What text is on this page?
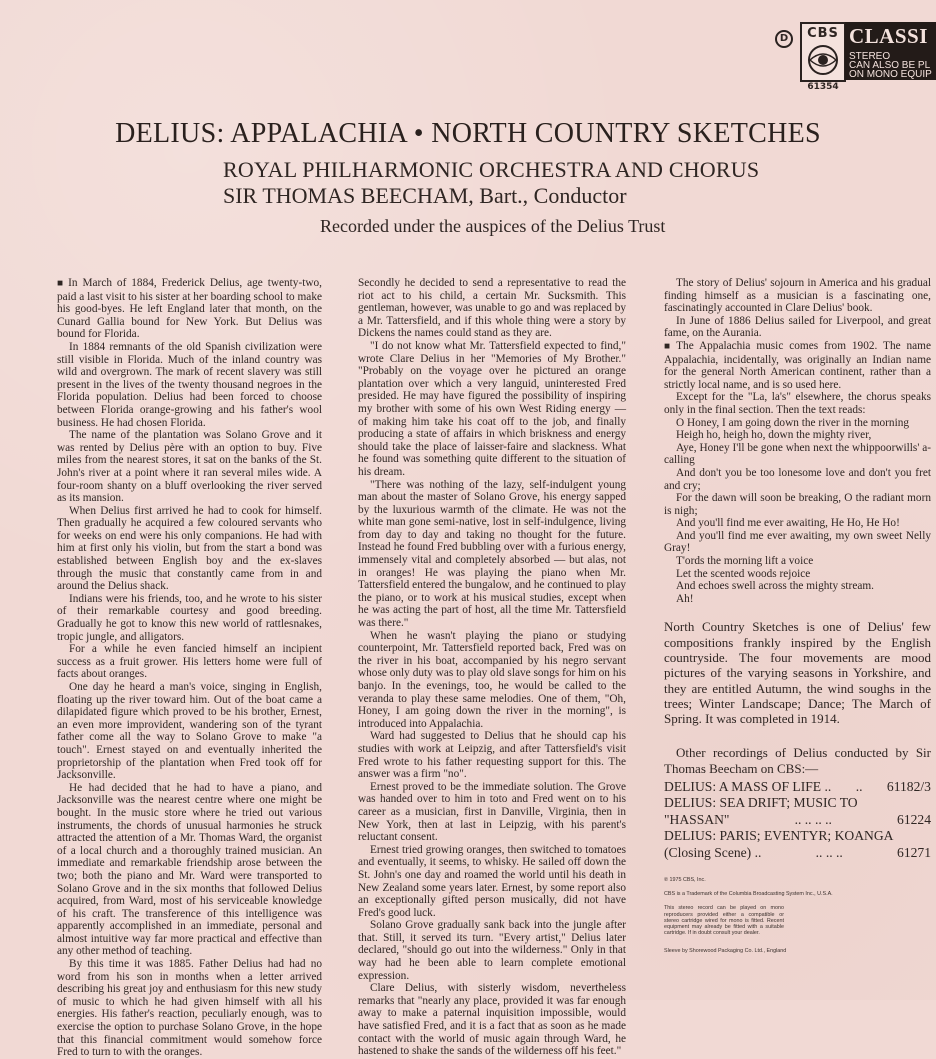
D	CBS
61354
CLASSI
STEREO
CAN ALSO BE PL
ON MONO EQUIP
DELIUS: APPALACHIA • NORTH COUNTRY SKETCHES
ROYAL PHILHARMONIC ORCHESTRA AND CHORUS
SIR THOMAS BEECHAM, Bart., Conductor
Recorded under the auspices of the Delius Trust

■ In March of 1884, Frederick Delius, age twenty-two, paid a last visit to his sister at her boarding school to make his good-byes. He left England later that month, on the Cunard Gallia bound for New York. But Delius was bound for Florida.

In 1884 remnants of the old Spanish civilization were still visible in Florida. Much of the inland country was wild and overgrown. The mark of recent slavery was still present in the lives of the twenty thousand negroes in the Florida population. Delius had been forced to choose between Florida orange-growing and his father's wool business. He had chosen Florida.

The name of the plantation was Solano Grove and it was rented by Delius père with an option to buy. Five miles from the nearest stores, it sat on the banks of the St. John's river at a point where it ran several miles wide. A four-room shanty on a bluff overlooking the river served as its mansion.

When Delius first arrived he had to cook for himself. Then gradually he acquired a few coloured servants who for weeks on end were his only companions. He had with him at first only his violin, but from the start a bond was established between English boy and the ex-slaves through the music that constantly came from in and around the Delius shack.

Indians were his friends, too, and he wrote to his sister of their remarkable courtesy and good breeding. Gradually he got to know this new world of rattlesnakes, tropic jungle, and alligators.

For a while he even fancied himself an incipient success as a fruit grower. His letters home were full of facts about oranges.

One day he heard a man's voice, singing in English, floating up the river toward him. Out of the boat came a dilapidated figure which proved to be his brother, Ernest, an even more improvident, wandering son of the tyrant father come all the way to Solano Grove to make "a touch". Ernest stayed on and eventually inherited the proprietorship of the plantation when Fred took off for Jacksonville.

He had decided that he had to have a piano, and Jacksonville was the nearest centre where one might be bought. In the music store where he tried out various instruments, the chords of unusual harmonies he struck attracted the attention of a Mr. Thomas Ward, the organist of a local church and a thoroughly trained musician. An immediate and remarkable friendship arose between the two; both the piano and Mr. Ward were transported to Solano Grove and in the six months that followed Delius acquired, from Ward, most of his serviceable knowledge of his craft. The transference of this intelligence was apparently accomplished in an immediate, personal and almost intuitive way far more practical and effective than any other method of teaching.

By this time it was 1885. Father Delius had had no word from his son in months when a letter arrived describing his great joy and enthusiasm for this new study of music to which he had given himself with all his energies. His father's reaction, peculiarly enough, was to exercise the option to purchase Solano Grove, in the hope that this financial commitment would somehow force Fred to turn to with the oranges.

Secondly he decided to send a representative to read the riot act to his child, a certain Mr. Sucksmith. This gentleman, however, was unable to go and was replaced by a Mr. Tattersfield, and if this whole thing were a story by Dickens the names could stand as they are.

"I do not know what Mr. Tattersfield expected to find," wrote Clare Delius in her "Memories of My Brother." "Probably on the voyage over he pictured an orange plantation over which a very languid, uninterested Fred presided. He may have figured the possibility of inspiring my brother with some of his own West Riding energy — of making him take his coat off to the job, and finally producing a state of affairs in which briskness and energy should take the place of laisser-faire and slackness. What he found was something quite different to the situation of his dream.

"There was nothing of the lazy, self-indulgent young man about the master of Solano Grove, his energy sapped by the luxurious warmth of the climate. He was not the white man gone semi-native, lost in self-indulgence, living from day to day and taking no thought for the future. Instead he found Fred bubbling over with a furious energy, immensely vital and completely absorbed — but alas, not in oranges! He was playing the piano when Mr. Tattersfield entered the bungalow, and he continued to play the piano, or to work at his musical studies, except when he was acting the part of host, all the time Mr. Tattersfield was there."

When he wasn't playing the piano or studying counterpoint, Mr. Tattersfield reported back, Fred was on the river in his boat, accompanied by his negro servant whose only duty was to play old slave songs for him on his banjo. In the evenings, too, he would be called to the veranda to play these same melodies. One of them, "Oh, Honey, I am going down the river in the morning", is introduced into Appalachia.

Ward had suggested to Delius that he should cap his studies with work at Leipzig, and after Tattersfield's visit Fred wrote to his father requesting support for this. The answer was a firm "no".

Ernest proved to be the immediate solution. The Grove was handed over to him in toto and Fred went on to his career as a musician, first in Danville, Virginia, then in New York, then at last in Leipzig, with his parent's reluctant consent.

Ernest tried growing oranges, then switched to tomatoes and eventually, it seems, to whisky. He sailed off down the St. John's one day and roamed the world until his death in New Zealand some years later. Ernest, by some report also an exceptionally gifted person musically, did not have Fred's good luck.

Solano Grove gradually sank back into the jungle after that. Still, it served its turn. "Every artist," Delius later declared, "should go out into the wilderness." Only in that way had he been able to learn complete emotional expression.

Clare Delius, with sisterly wisdom, nevertheless remarks that "nearly any place, provided it was far enough away to make a paternal inquisition impossible, would have satisfied Fred, and it is a fact that as soon as he made contact with the world of music again through Ward, he hastened to shake the sands of the wilderness off his feet."

The story of Delius' sojourn in America and his gradual finding himself as a musician is a fascinating one, fascinatingly accounted in Clare Delius' book.

In June of 1886 Delius sailed for Liverpool, and great fame, on the Aurania.

■ The Appalachia music comes from 1902. The name Appalachia, incidentally, was originally an Indian name for the general North American continent, rather than a strictly local name, and is so used here.

Except for the "La, la's" elsewhere, the chorus speaks only in the final section. Then the text reads:

O Honey, I am going down the river in the morning
Heigh ho, heigh ho, down the mighty river,
Aye, Honey I'll be gone when next the whippoorwills' a-calling
And don't you be too lonesome love and don't you fret and cry;
For the dawn will soon be breaking, O the radiant morn is nigh;
And you'll find me ever awaiting, He Ho, He Ho!
And you'll find me ever awaiting, my own sweet Nelly Gray!
T'ords the morning lift a voice
Let the scented woods rejoice
And echoes swell across the mighty stream.
Ah!
North Country Sketches is one of Delius' few compositions frankly inspired by the English countryside. The four movements are mood pictures of the varying seasons in Yorkshire, and they are entitled Autumn, the wind soughs in the trees; Winter Landscape; Dance; The March of Spring. It was completed in 1914.
Other recordings of Delius conducted by Sir Thomas Beecham on CBS:—
DELIUS: A MASS OF LIFE .. .. 61182/3
DELIUS: SEA DRIFT; MUSIC TO
"HASSAN"	.. .. .. ..	61224
DELIUS: PARIS; EVENTYR; KOANGA
(Closing Scene) ..	.. .. ..	61271
℗ 1975 CBS, Inc.
CBS is a Trademark of the Columbia Broadcasting System Inc., U.S.A.
This stereo record can be played on mono reproducers provided either a compatible or stereo cartridge wired for mono is fitted. Recent equipment may already be fitted with a suitable cartridge. If in doubt consult your dealer.
Sleeve by Shorewood Packaging Co. Ltd., England
